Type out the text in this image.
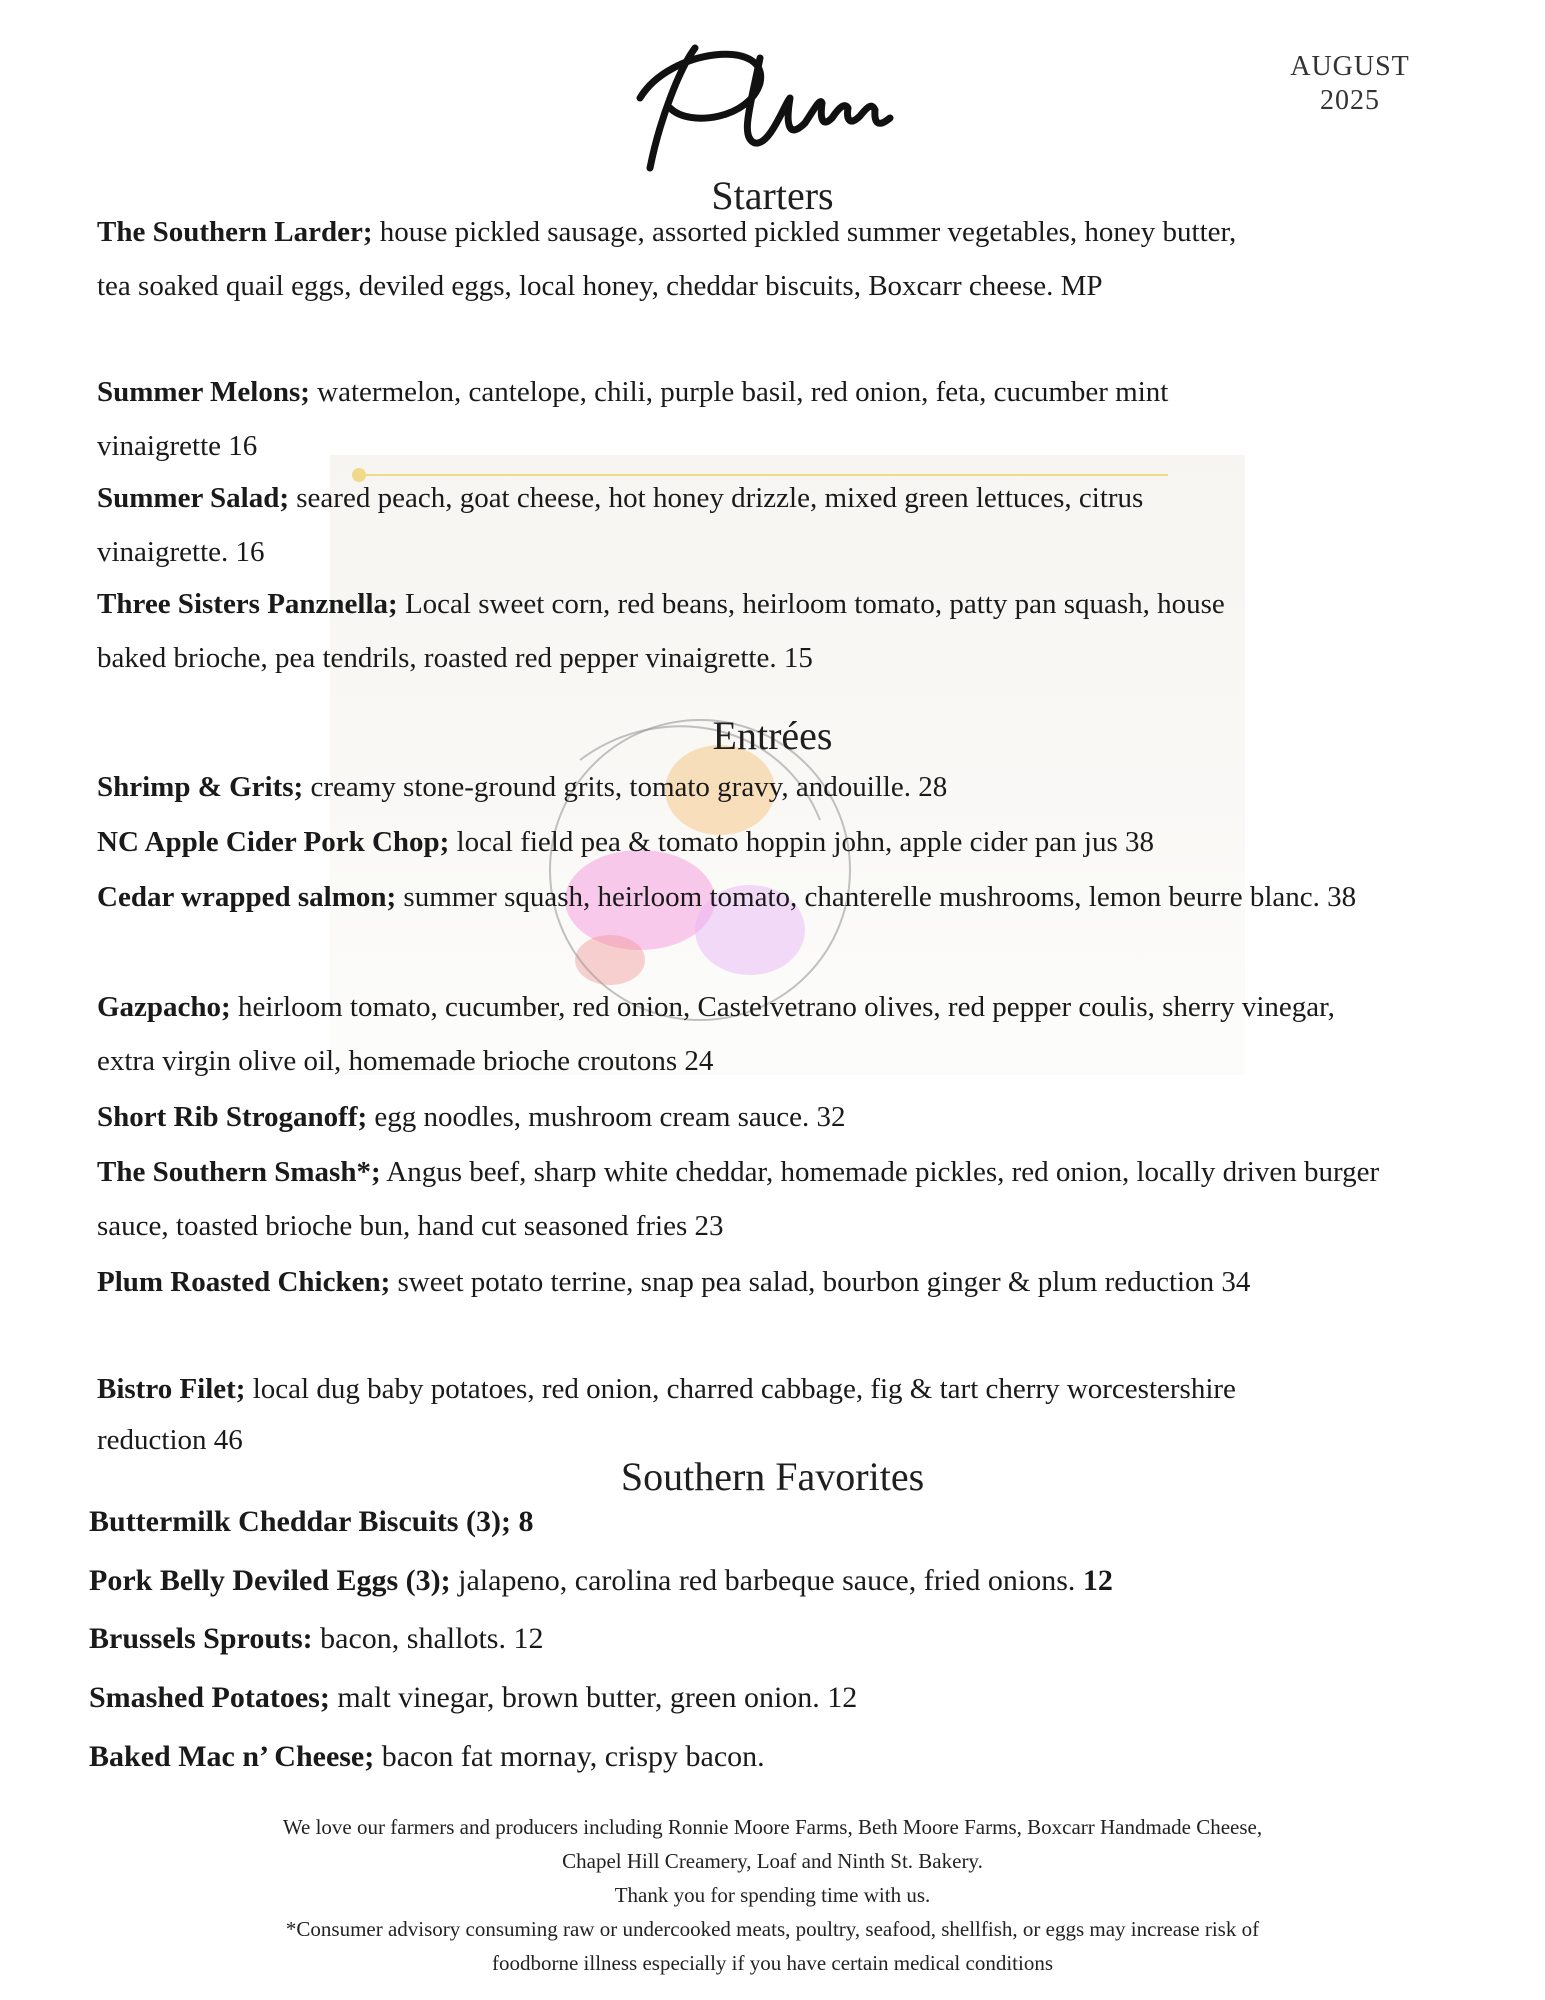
AUGUST
2025
Starters
The Southern Larder; house pickled sausage, assorted pickled summer vegetables, honey butter, tea soaked quail eggs, deviled eggs, local honey, cheddar biscuits, Boxcarr cheese. MP
Summer Melons; watermelon, cantelope, chili, purple basil, red onion, feta, cucumber mint vinaigrette 16
Summer Salad; seared peach, goat cheese, hot honey drizzle, mixed green lettuces, citrus vinaigrette. 16
Three Sisters Panznella; Local sweet corn, red beans, heirloom tomato, patty pan squash, house baked brioche, pea tendrils, roasted red pepper vinaigrette. 15
Entrées
Shrimp & Grits; creamy stone-ground grits, tomato gravy, andouille. 28
NC Apple Cider Pork Chop; local field pea & tomato hoppin john, apple cider pan jus 38
Cedar wrapped salmon; summer squash, heirloom tomato, chanterelle mushrooms, lemon beurre blanc. 38
Gazpacho; heirloom tomato, cucumber, red onion, Castelvetrano olives, red pepper coulis, sherry vinegar, extra virgin olive oil, homemade brioche croutons 24
Short Rib Stroganoff; egg noodles, mushroom cream sauce. 32
The Southern Smash*; Angus beef, sharp white cheddar, homemade pickles, red onion, locally driven burger sauce, toasted brioche bun, hand cut seasoned fries 23
Plum Roasted Chicken; sweet potato terrine, snap pea salad, bourbon ginger & plum reduction 34
Bistro Filet; local dug baby potatoes, red onion, charred cabbage, fig & tart cherry worcestershire reduction 46
Southern Favorites
Buttermilk Cheddar Biscuits (3); 8
Pork Belly Deviled Eggs (3); jalapeno, carolina red barbeque sauce, fried onions. 12
Brussels Sprouts: bacon, shallots. 12
Smashed Potatoes; malt vinegar, brown butter, green onion. 12
Baked Mac n’ Cheese; bacon fat mornay, crispy bacon.
We love our farmers and producers including Ronnie Moore Farms, Beth Moore Farms, Boxcarr Handmade Cheese,
Chapel Hill Creamery, Loaf and Ninth St. Bakery.
Thank you for spending time with us.
*Consumer advisory consuming raw or undercooked meats, poultry, seafood, shellfish, or eggs may increase risk of
foodborne illness especially if you have certain medical conditions
